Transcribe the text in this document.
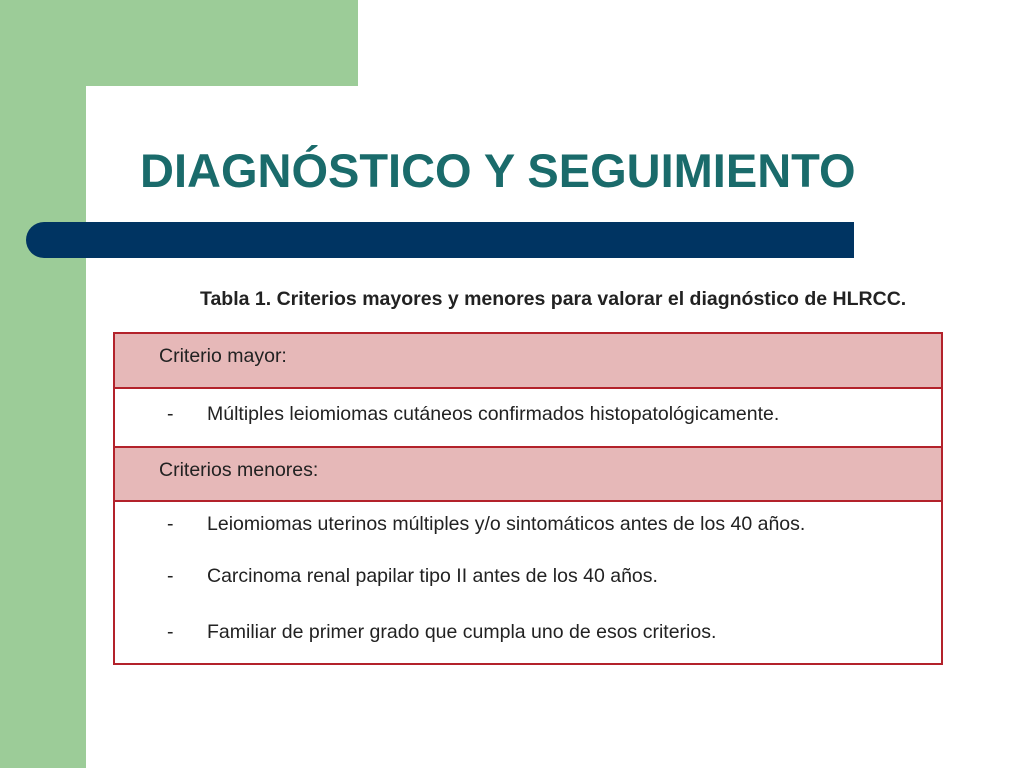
DIAGNÓSTICO Y SEGUIMIENTO
Tabla 1. Criterios mayores y menores para valorar el diagnóstico de HLRCC.
Criterio mayor:
- Múltiples leiomiomas cutáneos confirmados histopatológicamente.
Criterios menores:
- Leiomiomas uterinos múltiples y/o sintomáticos antes de los 40 años.
- Carcinoma renal papilar tipo II antes de los 40 años.
- Familiar de primer grado que cumpla uno de esos criterios.
